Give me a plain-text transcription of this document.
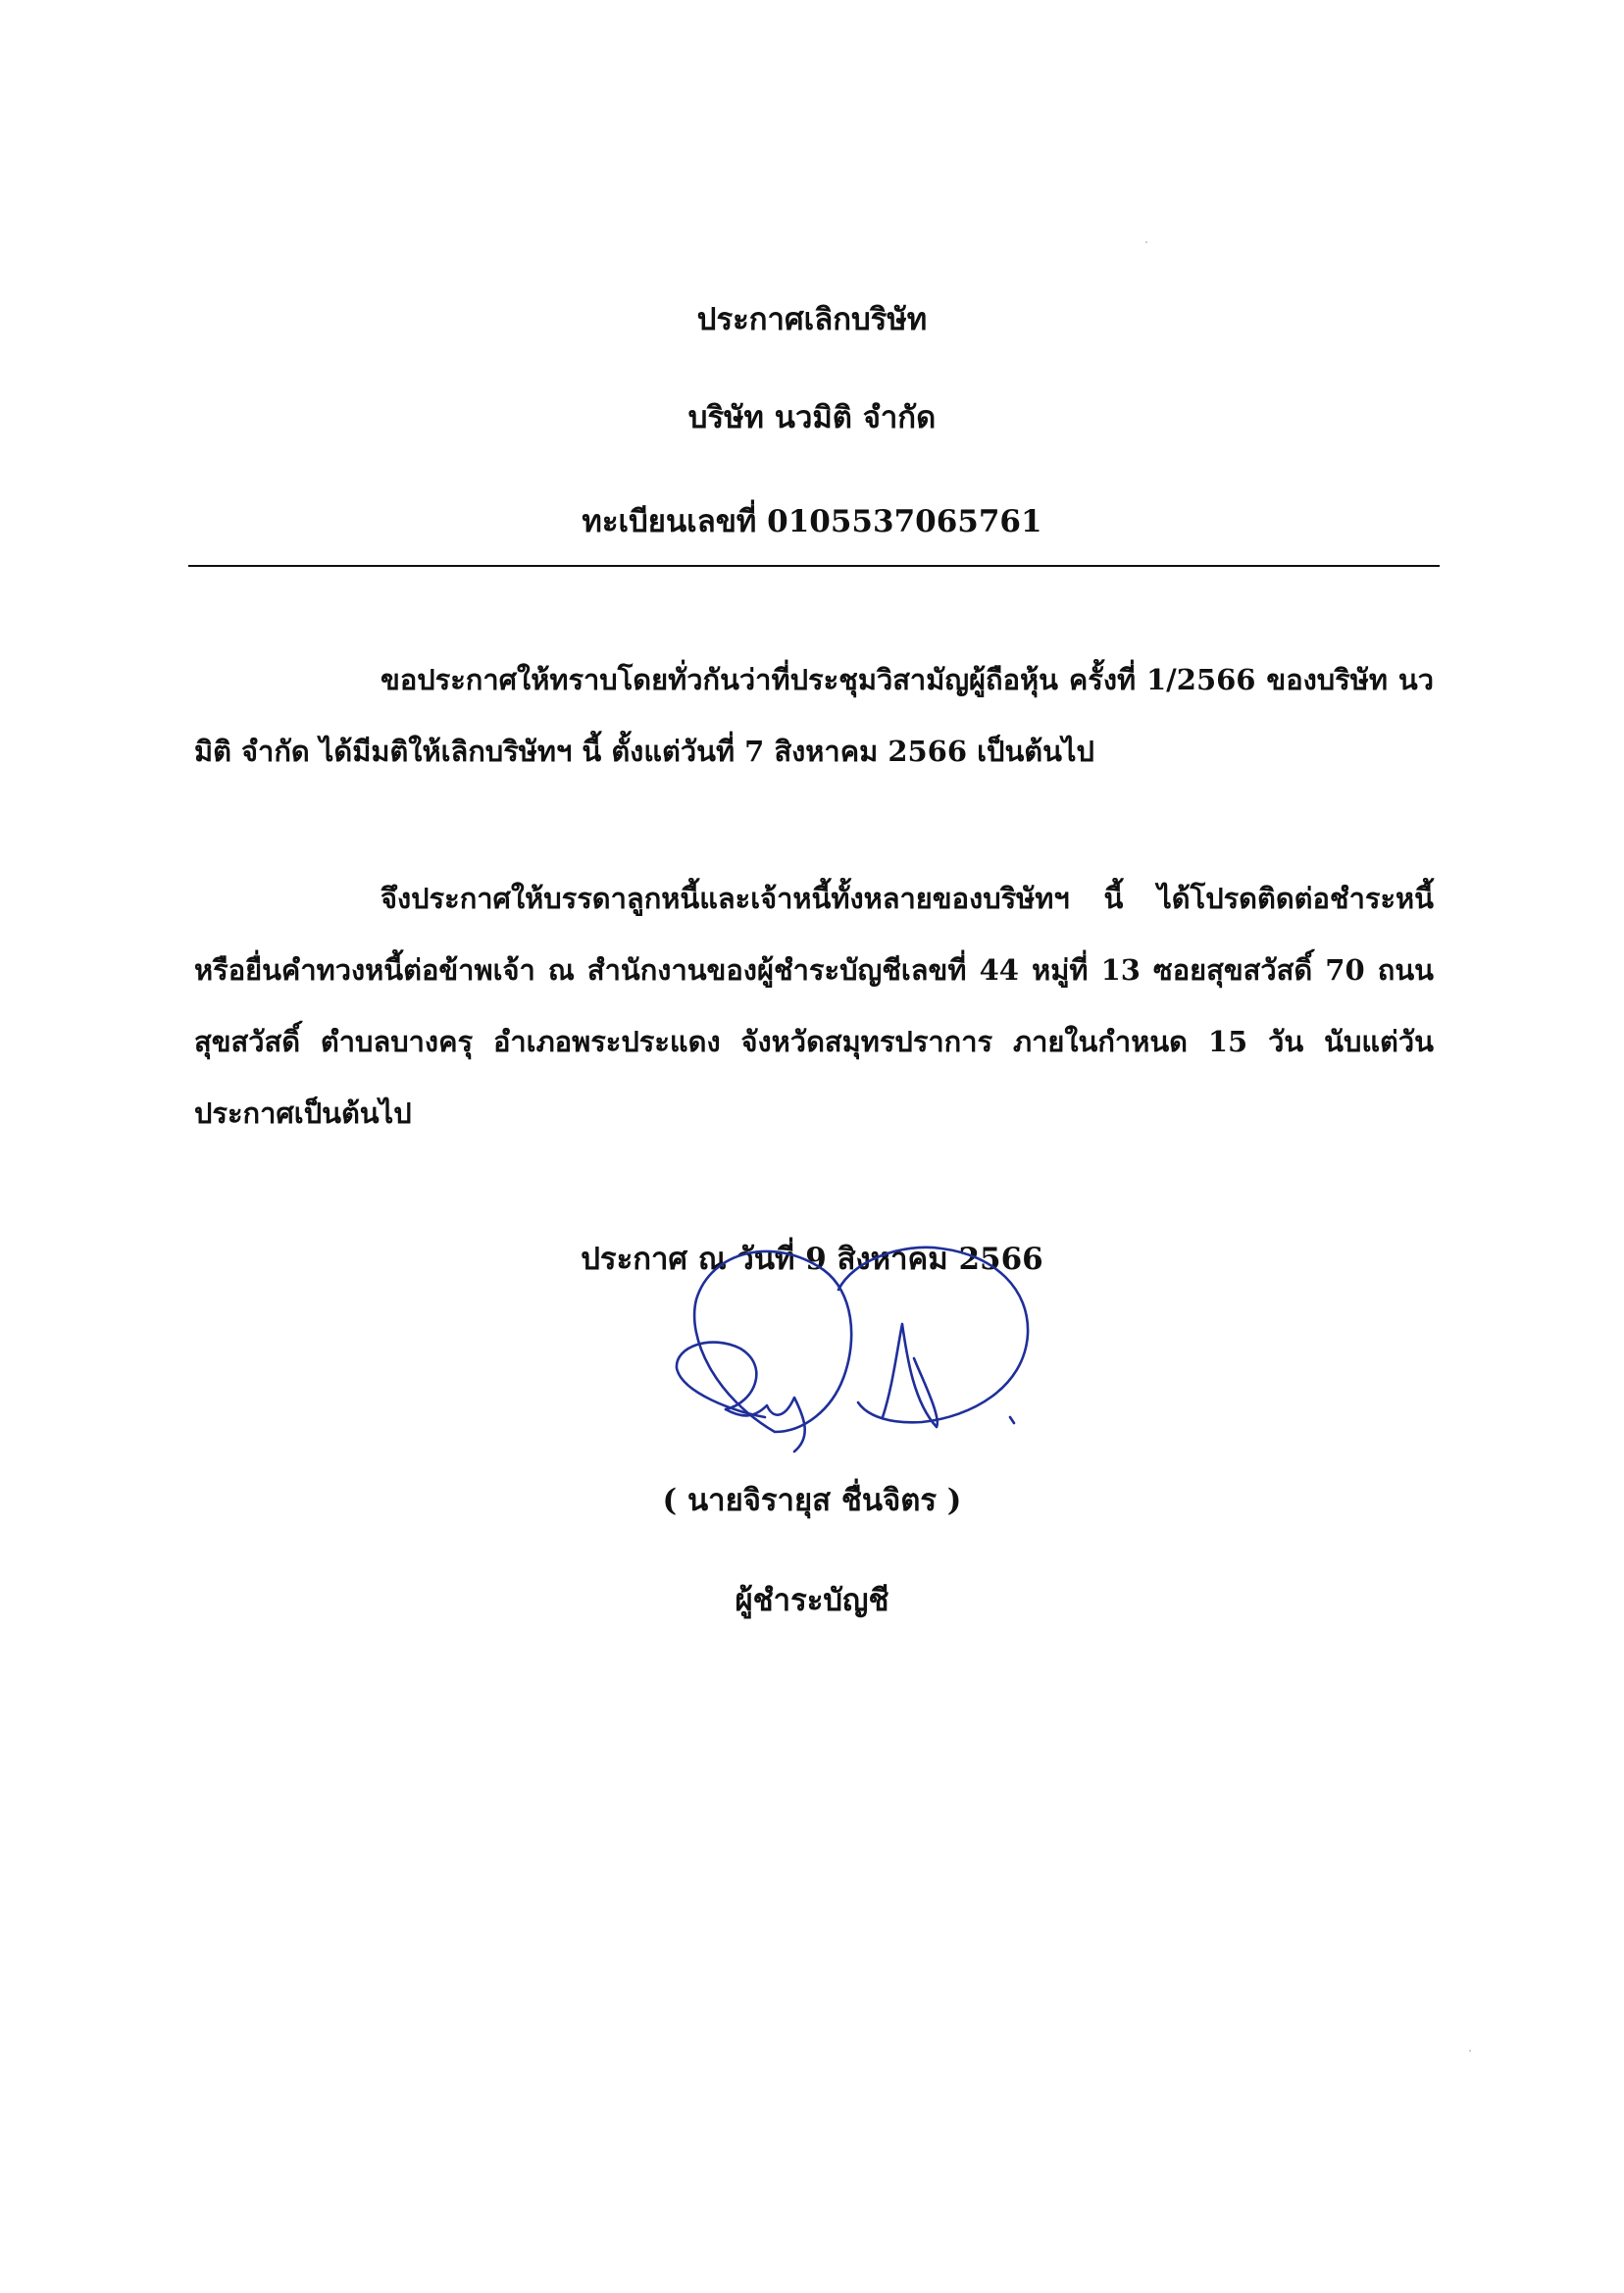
ประกาศเลิกบริษัท
บริษัท นวมิติ จำกัด
ทะเบียนเลขที่ 0105537065761
ขอประกาศให้ทราบโดยทั่วกันว่าที่ประชุมวิสามัญผู้ถือหุ้น ครั้งที่ 1/2566 ของบริษัท นวมิติ จำกัด ได้มีมติให้เลิกบริษัทฯ นี้ ตั้งแต่วันที่ 7 สิงหาคม 2566 เป็นต้นไป
จึงประกาศให้บรรดาลูกหนี้และเจ้าหนี้ทั้งหลายของบริษัทฯ นี้ ได้โปรดติดต่อชำระหนี้หรือยื่นคำทวงหนี้ต่อข้าพเจ้า ณ สำนักงานของผู้ชำระบัญชีเลขที่ 44 หมู่ที่ 13 ซอยสุขสวัสดิ์ 70 ถนนสุขสวัสดิ์ ตำบลบางครุ อำเภอพระประแดง จังหวัดสมุทรปราการ ภายในกำหนด 15 วัน นับแต่วันประกาศเป็นต้นไป
ประกาศ ณ วันที่ 9 สิงหาคม 2566
( นายจิรายุส ชื่นจิตร )
ผู้ชำระบัญชี
